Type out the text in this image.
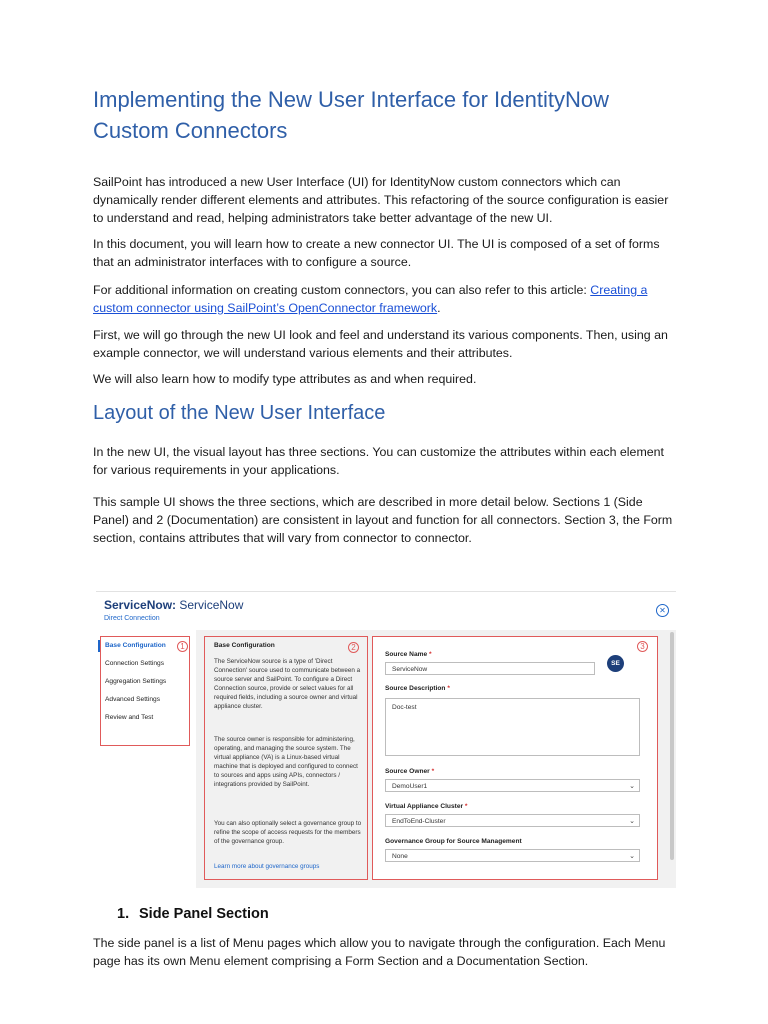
Implementing the New User Interface for IdentityNow Custom Connectors

SailPoint has introduced a new User Interface (UI) for IdentityNow custom connectors which can dynamically render different elements and attributes. This refactoring of the source configuration is easier to understand and read, helping administrators take better advantage of the new UI.

In this document, you will learn how to create a new connector UI. The UI is composed of a set of forms that an administrator interfaces with to configure a source.

For additional information on creating custom connectors, you can also refer to this article: Creating a custom connector using SailPoint’s OpenConnector framework.

First, we will go through the new UI look and feel and understand its various components. Then, using an example connector, we will understand various elements and their attributes.

We will also learn how to modify type attributes as and when required.

Layout of the New User Interface

In the new UI, the visual layout has three sections. You can customize the attributes within each element for various requirements in your applications.

This sample UI shows the three sections, which are described in more detail below. Sections 1 (Side Panel) and 2 (Documentation) are consistent in layout and function for all connectors. Section 3, the Form section, contains attributes that will vary from connector to connector.

1. Side Panel Section

The side panel is a list of Menu pages which allow you to navigate through the configuration. Each Menu page has its own Menu element comprising a Form Section and a Documentation Section.

ServiceNow: ServiceNow
Direct Connection
✕
Base Configuration
Connection Settings
Aggregation Settings
Advanced Settings
Review and Test
1	Base Configuration	2

The ServiceNow source is a type of 'Direct Connection' source used to communicate between a source server and SailPoint. To configure a Direct Connection source, provide or select values for all required fields, including a source owner and virtual appliance cluster.

The source owner is responsible for administering, operating, and managing the source system. The virtual appliance (VA) is a Linux-based virtual machine that is deployed and configured to connect to sources and apps using APIs, connectors / integrations provided by SailPoint.

You can also optionally select a governance group to refine the scope of access requests for the members of the governance group.

Learn more about governance groups
3
Source Name *
ServiceNow
SE
Source Description *
Doc-test
Source Owner *
DemoUser1	⌄
Virtual Appliance Cluster *
EndToEnd-Cluster	⌄
Governance Group for Source Management
None	⌄
